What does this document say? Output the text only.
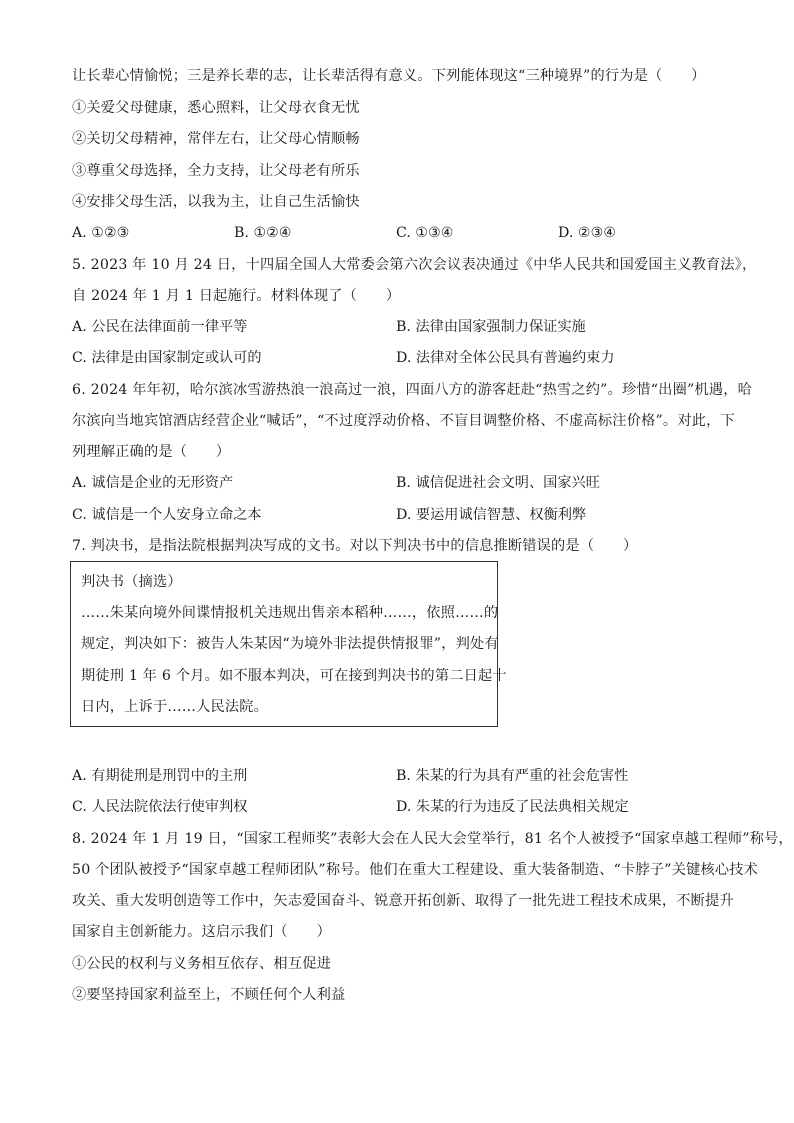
让长辈心情愉悦；三是养长辈的志，让长辈活得有意义。下列能体现这“三种境界”的行为是（　　）
①关爱父母健康，悉心照料，让父母衣食无忧
②关切父母精神，常伴左右，让父母心情顺畅
③尊重父母选择，全力支持，让父母老有所乐
④安排父母生活，以我为主，让自己生活愉快
A. ①②③	B. ①②④	C. ①③④	D. ②③④
5. 2023 年 10 月 24 日，十四届全国人大常委会第六次会议表决通过《中华人民共和国爱国主义教育法》，
自 2024 年 1 月 1 日起施行。材料体现了（　　）
A. 公民在法律面前一律平等	B. 法律由国家强制力保证实施
C. 法律是由国家制定或认可的	D. 法律对全体公民具有普遍约束力
6. 2024 年年初，哈尔滨冰雪游热浪一浪高过一浪，四面八方的游客赶赴“热雪之约”。珍惜“出圈”机遇，哈
尔滨向当地宾馆酒店经营企业“喊话”，“不过度浮动价格、不盲目调整价格、不虚高标注价格”。对此，下
列理解正确的是（　　）
A. 诚信是企业的无形资产	B. 诚信促进社会文明、国家兴旺
C. 诚信是一个人安身立命之本	D. 要运用诚信智慧、权衡利弊
7. 判决书，是指法院根据判决写成的文书。对以下判决书中的信息推断错误的是（　　）
判决书（摘选）
……朱某向境外间谍情报机关违规出售亲本稻种……，依照……的
规定，判决如下：被告人朱某因“为境外非法提供情报罪”，判处有
期徒刑 1 年 6 个月。如不服本判决，可在接到判决书的第二日起十
日内，上诉于……人民法院。
A. 有期徒刑是刑罚中的主刑	B. 朱某的行为具有严重的社会危害性
C. 人民法院依法行使审判权	D. 朱某的行为违反了民法典相关规定
8. 2024 年 1 月 19 日，“国家工程师奖”表彰大会在人民大会堂举行，81 名个人被授予“国家卓越工程师”称号，
50 个团队被授予“国家卓越工程师团队”称号。他们在重大工程建设、重大装备制造、“卡脖子”关键核心技术
攻关、重大发明创造等工作中，矢志爱国奋斗、锐意开拓创新、取得了一批先进工程技术成果，不断提升
国家自主创新能力。这启示我们（　　）
①公民的权利与义务相互依存、相互促进
②要坚持国家利益至上，不顾任何个人利益
